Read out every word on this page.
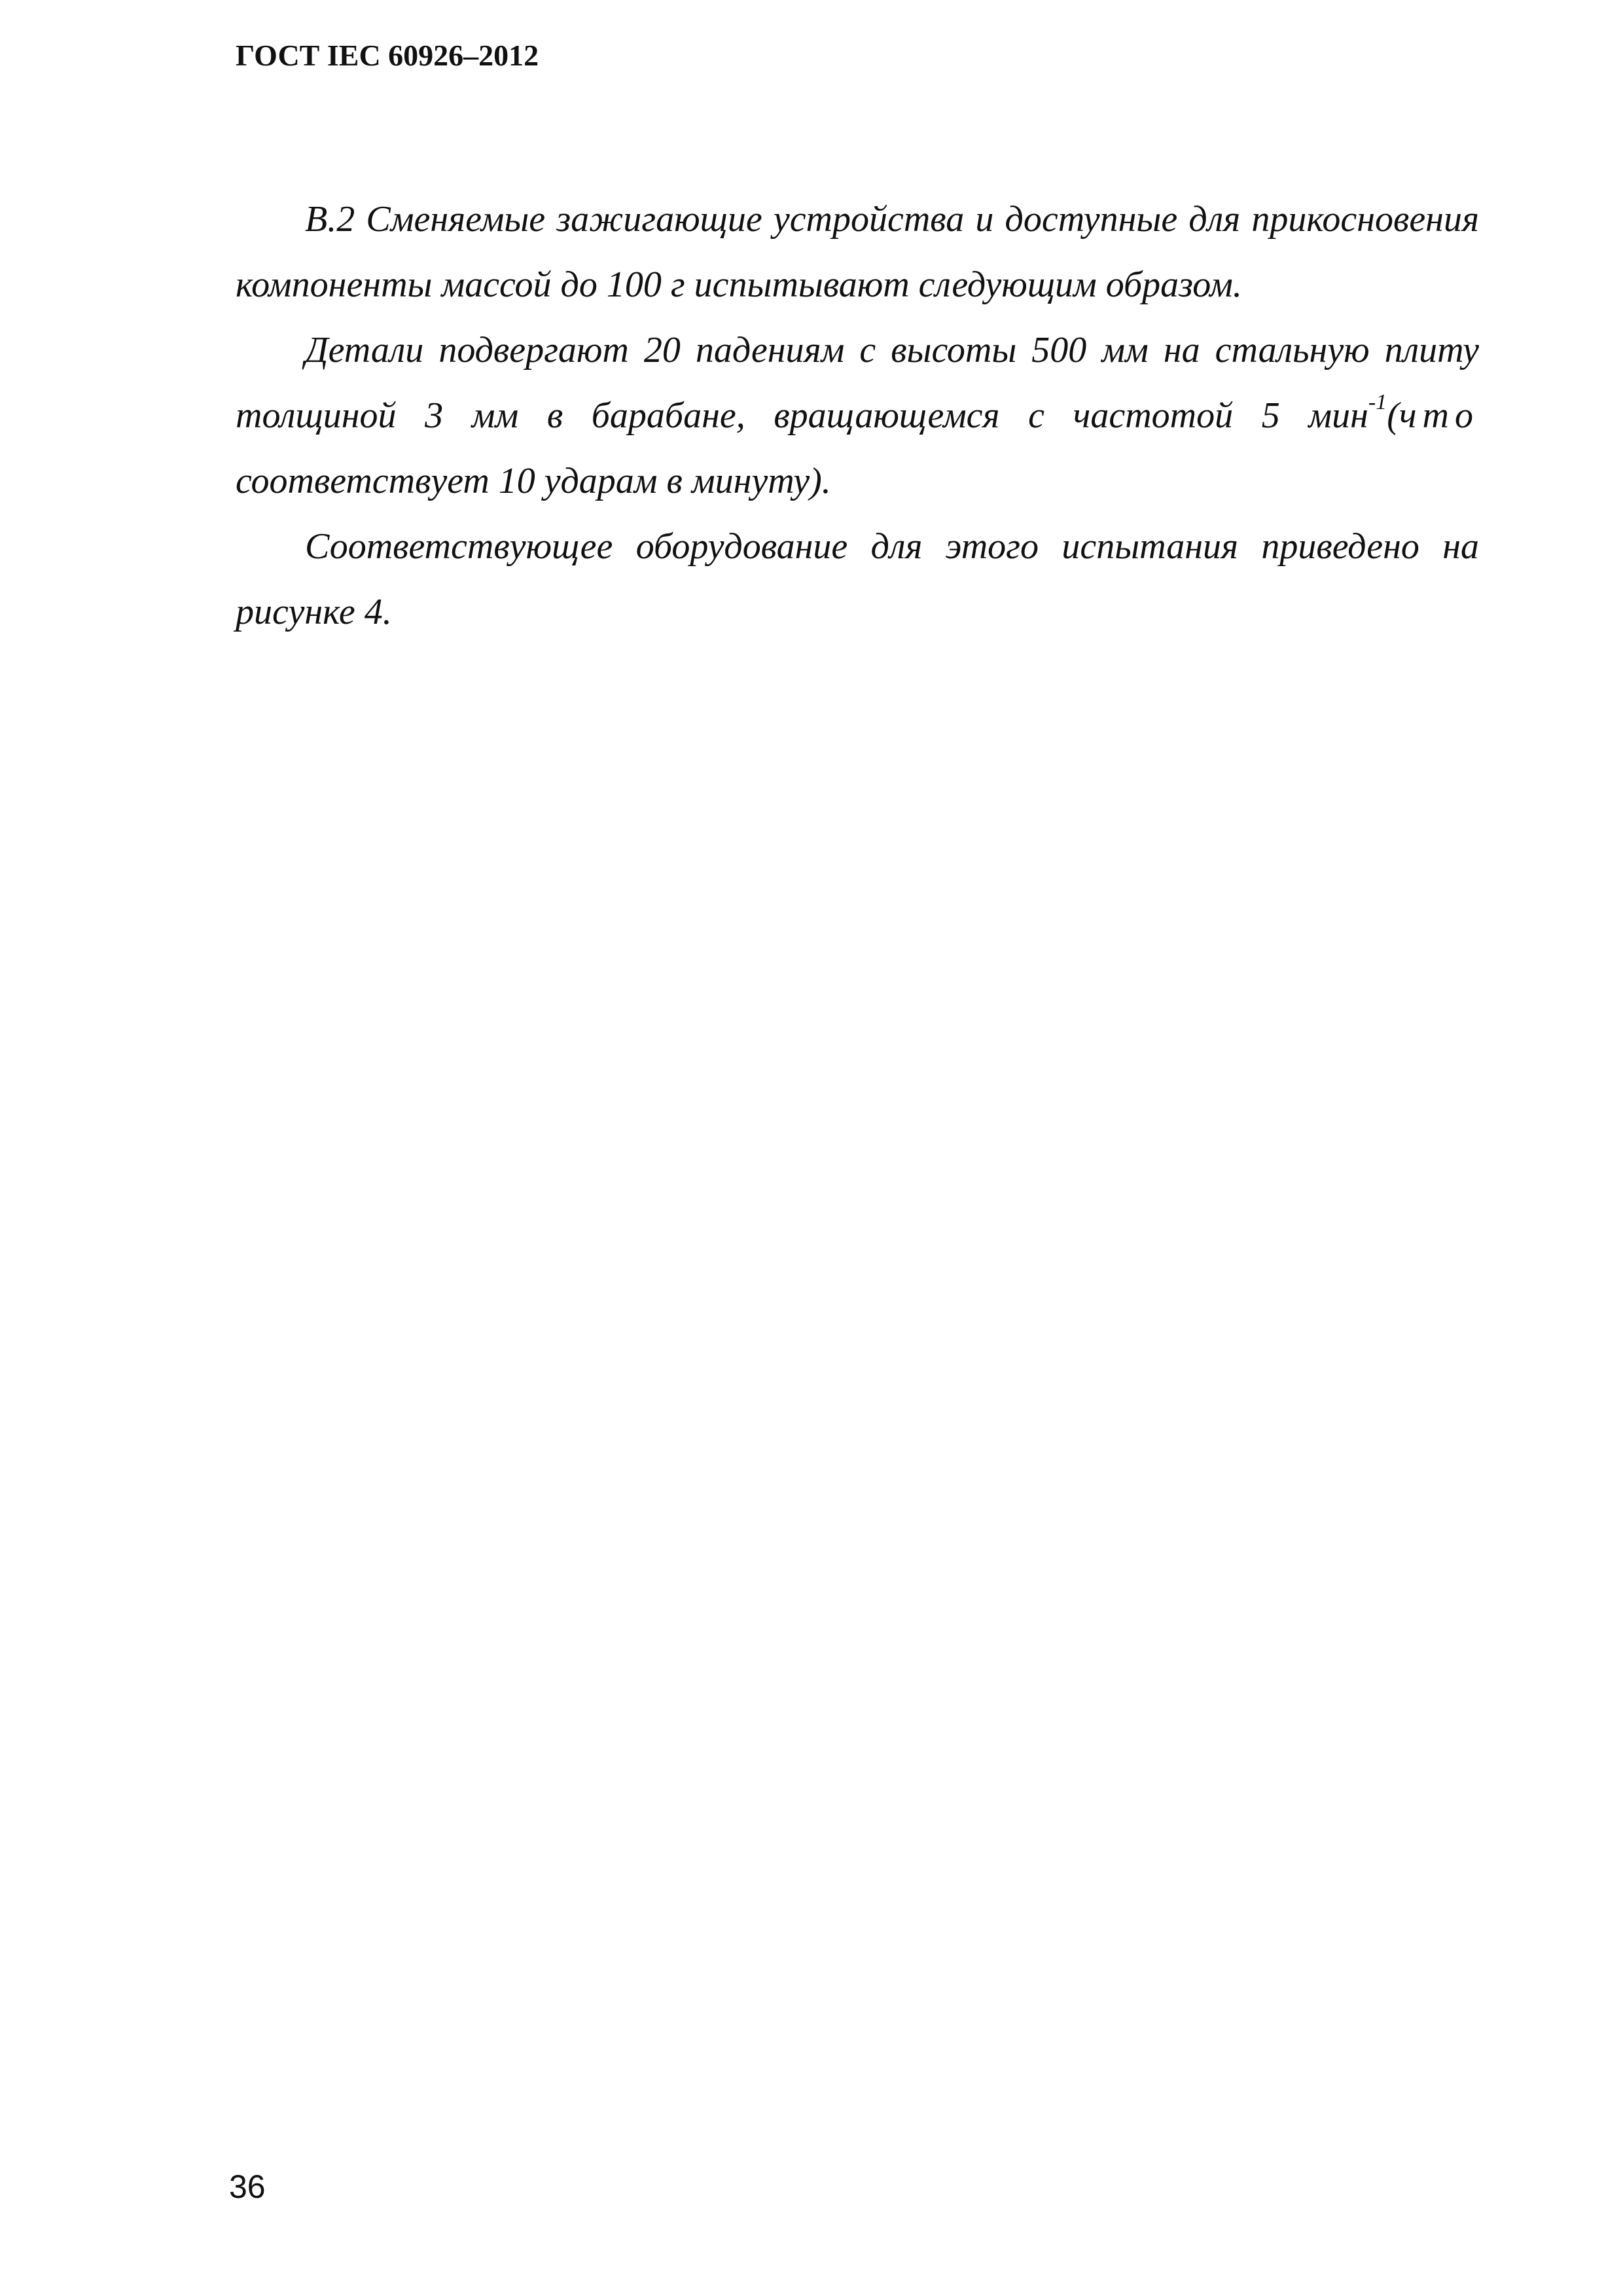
ГОСТ IEC 60926–2012

В.2 Сменяемые зажигающие устройства и доступные для прикосновения компоненты массой до 100 г испытывают следующим образом.

Детали подвергают 20 падениям с высоты 500 мм на стальную плиту толщиной 3 мм в барабане, вращающемся с частотой 5 мин$^{-1}$(что соответствует 10 ударам в минуту).

Соответствующее оборудование для этого испытания приведено на рисунке 4.

36
